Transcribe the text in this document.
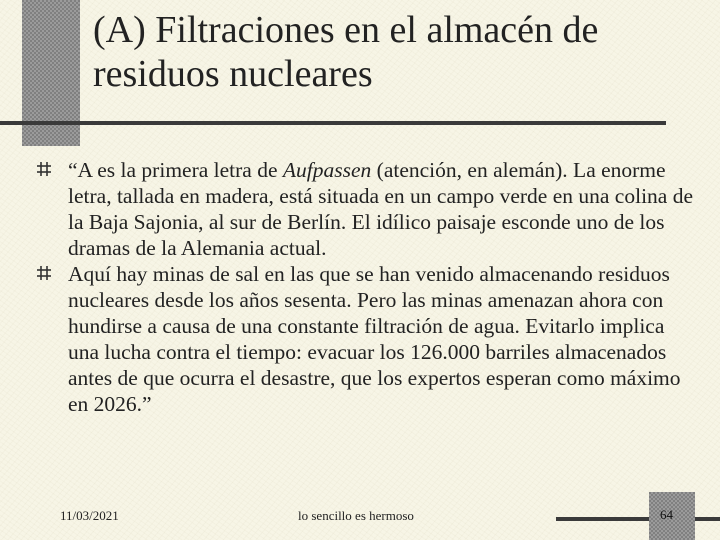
(A) Filtraciones en el almacén de residuos nucleares
“A es la primera letra de Aufpassen (atención, en alemán). La enorme letra, tallada en madera, está situada en un campo verde en una colina de la Baja Sajonia, al sur de Berlín. El idílico paisaje esconde uno de los dramas de la Alemania actual.
Aquí hay minas de sal en las que se han venido almacenando residuos nucleares desde los años sesenta. Pero las minas amenazan ahora con hundirse a causa de una constante filtración de agua. Evitarlo implica una lucha contra el tiempo: evacuar los 126.000 barriles almacenados antes de que ocurra el desastre, que los expertos esperan como máximo en 2026.”
11/03/2021	lo sencillo es hermoso	64
